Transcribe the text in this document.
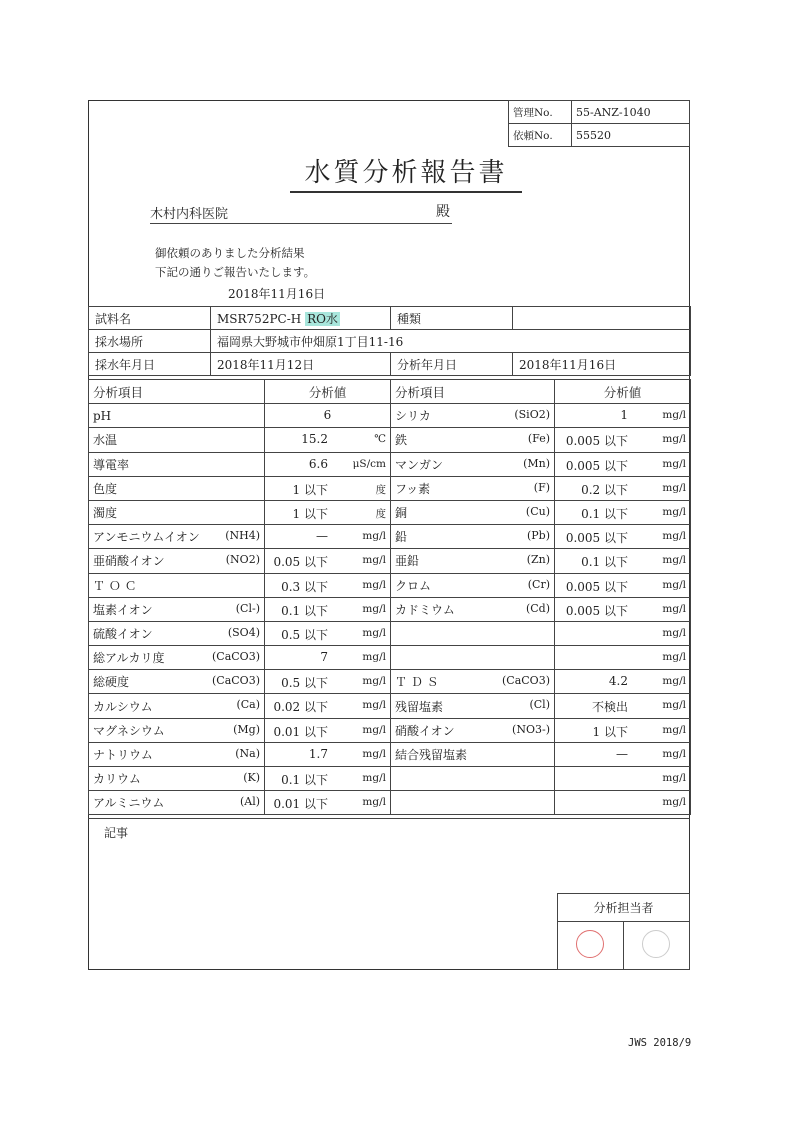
管理No.	55-ANZ-1040
依頼No.	55520
水質分析報告書
木村内科医院	殿
御依頼のありました分析結果
下記の通りご報告いたします。
2018年11月16日
試料名	MSR752PC-H RO水	種類	
採水場所	福岡県大野城市仲畑原1丁目11-16		
採水年月日	2018年11月12日	分析年月日	2018年11月16日
分析項目	分析値	分析項目	分析値
pH	6	シリカ (SiO2)	1 mg/l

水温	15.2 ℃	鉄 (Fe)	0.005 以下 mg/l

導電率	6.6 μS/cm	マンガン (Mn)	0.005 以下 mg/l

色度	1 以下 度	フッ素 (F)	0.2 以下 mg/l

濁度	1 以下 度	銅 (Cu)	0.1 以下 mg/l

アンモニウムイオン (NH4)	— mg/l	鉛 (Pb)	0.005 以下 mg/l

亜硝酸イオン (NO2)	0.05 以下 mg/l	亜鉛 (Zn)	0.1 以下 mg/l

Ｔ Ｏ Ｃ	0.3 以下 mg/l	クロム (Cr)	0.005 以下 mg/l

塩素イオン (Cl-)	0.1 以下 mg/l	カドミウム (Cd)	0.005 以下 mg/l

硫酸イオン (SO4)	0.5 以下 mg/l		mg/l

総アルカリ度 (CaCO3)	7 mg/l		mg/l

総硬度 (CaCO3)	0.5 以下 mg/l	Ｔ Ｄ Ｓ (CaCO3)	4.2 mg/l

カルシウム (Ca)	0.02 以下 mg/l	残留塩素 (Cl)	不検出 mg/l

マグネシウム (Mg)	0.01 以下 mg/l	硝酸イオン (NO3-)	1 以下 mg/l

ナトリウム (Na)	1.7 mg/l	結合残留塩素	— mg/l

カリウム (K)	0.1 以下 mg/l		mg/l

アルミニウム (Al)	0.01 以下 mg/l		mg/l
記事
分析担当者

JWS 2018/9
